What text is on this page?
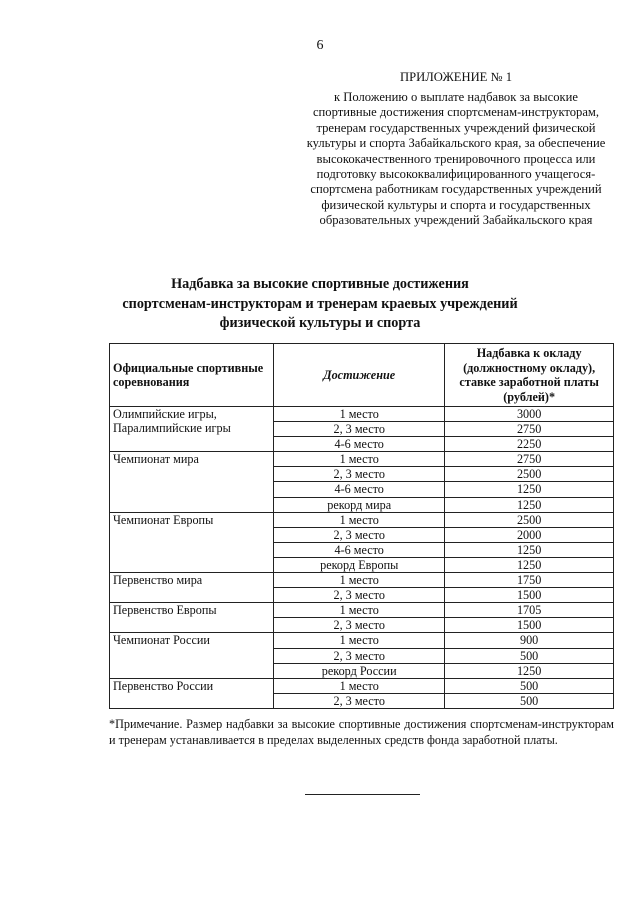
6
ПРИЛОЖЕНИЕ № 1
к Положению о выплате надбавок за высокие
спортивные достижения спортсменам-инструкторам,
тренерам государственных учреждений физической
культуры и спорта Забайкальского края, за обеспечение
высококачественного тренировочного процесса или
подготовку высококвалифицированного учащегося-
спортсмена работникам государственных учреждений
физической культуры и спорта и государственных
образовательных учреждений Забайкальского края
Надбавка за высокие спортивные достижения
спортсменам-инструкторам и тренерам краевых учреждений
физической культуры и спорта
Официальные спортивные соревнования	Достижение	Надбавка к окладу (должностному окладу), ставке заработной платы (рублей)*
Олимпийские игры, Паралимпийские игры	1 место	3000
	2, 3 место	2750
	4-6 место	2250
Чемпионат мира	1 место	2750
	2, 3 место	2500
	4-6 место	1250
	рекорд мира	1250
Чемпионат Европы	1 место	2500
	2, 3 место	2000
	4-6 место	1250
	рекорд Европы	1250
Первенство мира	1 место	1750
	2, 3 место	1500
Первенство Европы	1 место	1705
	2, 3 место	1500
Чемпионат России	1 место	900
	2, 3 место	500
	рекорд России	1250
Первенство России	1 место	500
	2, 3 место	500
*Примечание. Размер надбавки за высокие спортивные достижения спортсменам-инструкторам и тренерам устанавливается в пределах выделенных средств фонда заработной платы.
